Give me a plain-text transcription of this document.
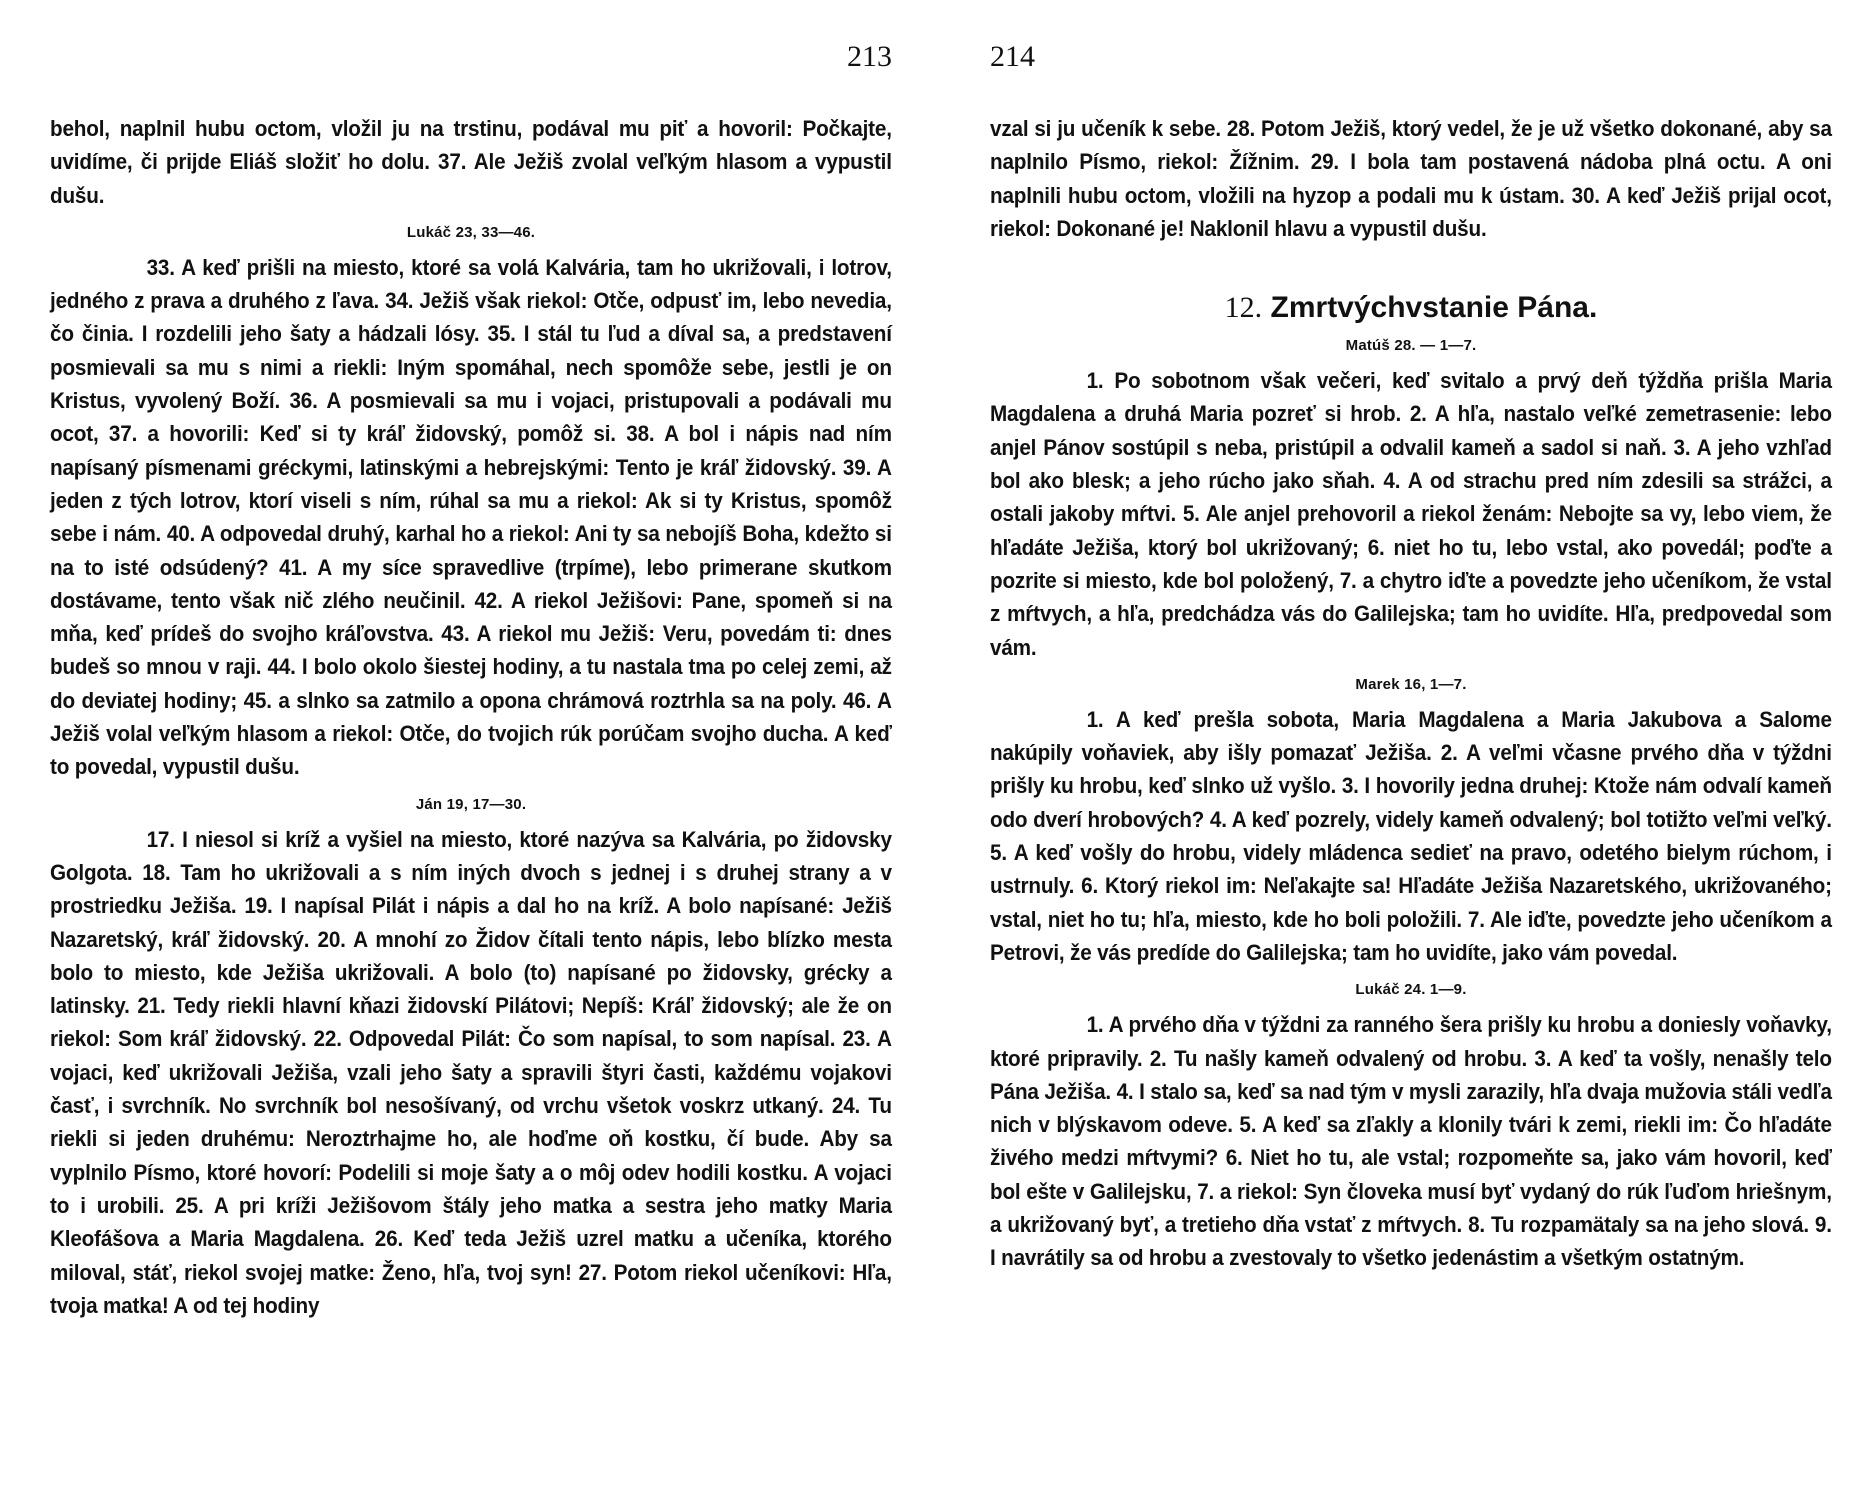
213

behol, naplnil hubu octom, vložil ju na trstinu, podával mu piť a hovoril: Počkajte, uvidíme, či prijde Eliáš složiť ho dolu. 37. Ale Ježiš zvolal veľkým hlasom a vypustil dušu.

Lukáč 23, 33—46.

33. A keď prišli na miesto, ktoré sa volá Kalvária, tam ho ukrižovali, i lotrov, jedného z prava a druhého z ľava. 34. Ježiš však riekol: Otče, odpusť im, lebo nevedia, čo činia. I rozdelili jeho šaty a hádzali lósy. 35. I stál tu ľud a díval sa, a predstavení posmievali sa mu s nimi a riekli: Iným spomáhal, nech spomôže sebe, jestli je on Kristus, vyvolený Boží. 36. A posmievali sa mu i vojaci, pristupovali a podávali mu ocot, 37. a hovorili: Keď si ty kráľ židovský, pomôž si. 38. A bol i nápis nad ním napísaný písmenami gréckymi, latinskými a hebrejskými: Tento je kráľ židovský. 39. A jeden z tých lotrov, ktorí viseli s ním, rúhal sa mu a riekol: Ak si ty Kristus, spomôž sebe i nám. 40. A odpovedal druhý, karhal ho a riekol: Ani ty sa nebojíš Boha, kdežto si na to isté odsúdený? 41. A my síce spravedlive (trpíme), lebo primerane skutkom dostávame, tento však nič zlého neučinil. 42. A riekol Ježišovi: Pane, spomeň si na mňa, keď prídeš do svojho kráľovstva. 43. A riekol mu Ježiš: Veru, povedám ti: dnes budeš so mnou v raji. 44. I bolo okolo šiestej hodiny, a tu nastala tma po celej zemi, až do deviatej hodiny; 45. a slnko sa zatmilo a opona chrámová roztrhla sa na poly. 46. A Ježiš volal veľkým hlasom a riekol: Otče, do tvojich rúk porúčam svojho ducha. A keď to povedal, vypustil dušu.

Ján 19, 17—30.

17. I niesol si kríž a vyšiel na miesto, ktoré nazýva sa Kalvária, po židovsky Golgota. 18. Tam ho ukrižovali a s ním iných dvoch s jednej i s druhej strany a v prostriedku Ježiša. 19. I napísal Pilát i nápis a dal ho na kríž. A bolo napísané: Ježiš Nazaretský, kráľ židovský. 20. A mnohí zo Židov čítali tento nápis, lebo blízko mesta bolo to miesto, kde Ježiša ukrižovali. A bolo (to) napísané po židovsky, grécky a latinsky. 21. Tedy riekli hlavní kňazi židovskí Pilátovi; Nepíš: Kráľ židovský; ale že on riekol: Som kráľ židovský. 22. Odpovedal Pilát: Čo som napísal, to som napísal. 23. A vojaci, keď ukrižovali Ježiša, vzali jeho šaty a spravili štyri časti, každému vojakovi časť, i svrchník. No svrchník bol nesošívaný, od vrchu všetok voskrz utkaný. 24. Tu riekli si jeden druhému: Neroztrhajme ho, ale hoďme oň kostku, čí bude. Aby sa vyplnilo Písmo, ktoré hovorí: Podelili si moje šaty a o môj odev hodili kostku. A vojaci to i urobili. 25. A pri kríži Ježišovom štály jeho matka a sestra jeho matky Maria Kleofášova a Maria Magdalena. 26. Keď teda Ježiš uzrel matku a učeníka, ktorého miloval, stáť, riekol svojej matke: Ženo, hľa, tvoj syn! 27. Potom riekol učeníkovi: Hľa, tvoja matka! A od tej hodiny

214

vzal si ju učeník k sebe. 28. Potom Ježiš, ktorý vedel, že je už všetko dokonané, aby sa naplnilo Písmo, riekol: Žížnim. 29. I bola tam postavená nádoba plná octu. A oni naplnili hubu octom, vložili na hyzop a podali mu k ústam. 30. A keď Ježiš prijal ocot, riekol: Dokonané je! Naklonil hlavu a vypustil dušu.

12. Zmrtvýchvstanie Pána.
Matúš 28. — 1—7.

1. Po sobotnom však večeri, keď svitalo a prvý deň týždňa prišla Maria Magdalena a druhá Maria pozreť si hrob. 2. A hľa, nastalo veľké zemetrasenie: lebo anjel Pánov sostúpil s neba, pristúpil a odvalil kameň a sadol si naň. 3. A jeho vzhľad bol ako blesk; a jeho rúcho jako sňah. 4. A od strachu pred ním zdesili sa strážci, a ostali jakoby mŕtvi. 5. Ale anjel prehovoril a riekol ženám: Nebojte sa vy, lebo viem, že hľadáte Ježiša, ktorý bol ukrižovaný; 6. niet ho tu, lebo vstal, ako povedál; poďte a pozrite si miesto, kde bol položený, 7. a chytro iďte a povedzte jeho učeníkom, že vstal z mŕtvych, a hľa, predchádza vás do Galilejska; tam ho uvidíte. Hľa, predpovedal som vám.

Marek 16, 1—7.

1. A keď prešla sobota, Maria Magdalena a Maria Jakubova a Salome nakúpily voňaviek, aby išly pomazať Ježiša. 2. A veľmi včasne prvého dňa v týždni prišly ku hrobu, keď slnko už vyšlo. 3. I hovorily jedna druhej: Ktože nám odvalí kameň odo dverí hrobových? 4. A keď pozrely, videly kameň odvalený; bol totižto veľmi veľký. 5. A keď vošly do hrobu, videly mládenca sedieť na pravo, odetého bielym rúchom, i ustrnuly. 6. Ktorý riekol im: Neľakajte sa! Hľadáte Ježiša Nazaretského, ukrižovaného; vstal, niet ho tu; hľa, miesto, kde ho boli položili. 7. Ale iďte, povedzte jeho učeníkom a Petrovi, že vás predíde do Galilejska; tam ho uvidíte, jako vám povedal.

Lukáč 24. 1—9.

1. A prvého dňa v týždni za ranného šera prišly ku hrobu a doniesly voňavky, ktoré pripravily. 2. Tu našly kameň odvalený od hrobu. 3. A keď ta vošly, nenašly telo Pána Ježiša. 4. I stalo sa, keď sa nad tým v mysli zarazily, hľa dvaja mužovia stáli vedľa nich v blýskavom odeve. 5. A keď sa zľakly a klonily tvári k zemi, riekli im: Čo hľadáte živého medzi mŕtvymi? 6. Niet ho tu, ale vstal; rozpomeňte sa, jako vám hovoril, keď bol ešte v Galilejsku, 7. a riekol: Syn človeka musí byť vydaný do rúk ľuďom hriešnym, a ukrižovaný byť, a tretieho dňa vstať z mŕtvych. 8. Tu rozpamätaly sa na jeho slová. 9. I navrátily sa od hrobu a zvestovaly to všetko jedenástim a všetkým ostatným.
